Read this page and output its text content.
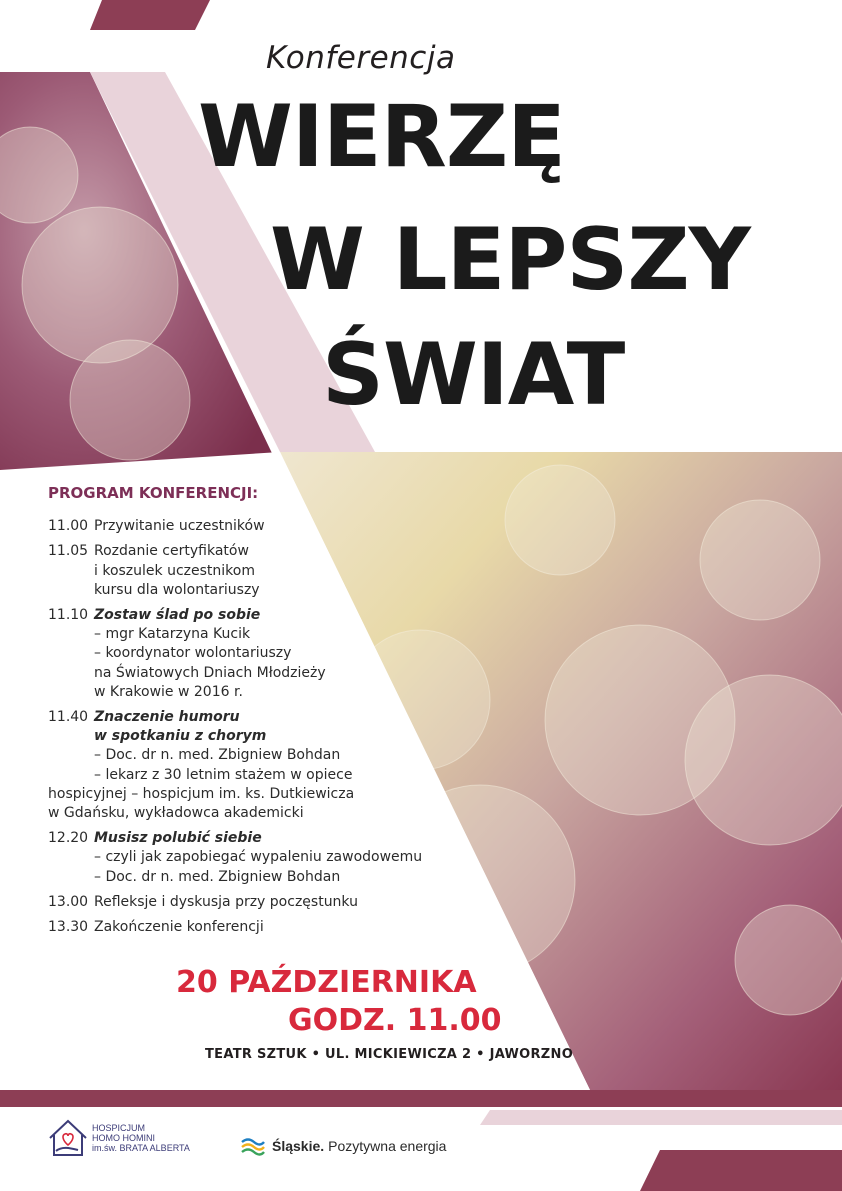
Konferencja
WIERZĘ
W LEPSZY
ŚWIAT
PROGRAM KONFERENCJI:
11.00 Przywitanie uczestników
11.05 Rozdanie certyfikatów
i koszulek uczestnikom
kursu dla wolontariuszy
11.10 Zostaw ślad po sobie
– mgr Katarzyna Kucik
– koordynator wolontariuszy
na Światowych Dniach Młodzieży
w Krakowie w 2016 r.
11.40 Znaczenie humoru
w spotkaniu z chorym
– Doc. dr n. med. Zbigniew Bohdan
– lekarz z 30 letnim stażem w opiece
hospicyjnej – hospicjum im. ks. Dutkiewicza
w Gdańsku, wykładowca akademicki
12.20 Musisz polubić siebie
– czyli jak zapobiegać wypaleniu zawodowemu
– Doc. dr n. med. Zbigniew Bohdan
13.00 Refleksje i dyskusja przy poczęstunku
13.30 Zakończenie konferencji
20 PAŹDZIERNIKA
GODZ. 11.00
TEATR SZTUK • UL. MICKIEWICZA 2 • JAWORZNO
HOSPICJUM
HOMO HOMINI
im.św. BRATA ALBERTA	Śląskie. Pozytywna energia
